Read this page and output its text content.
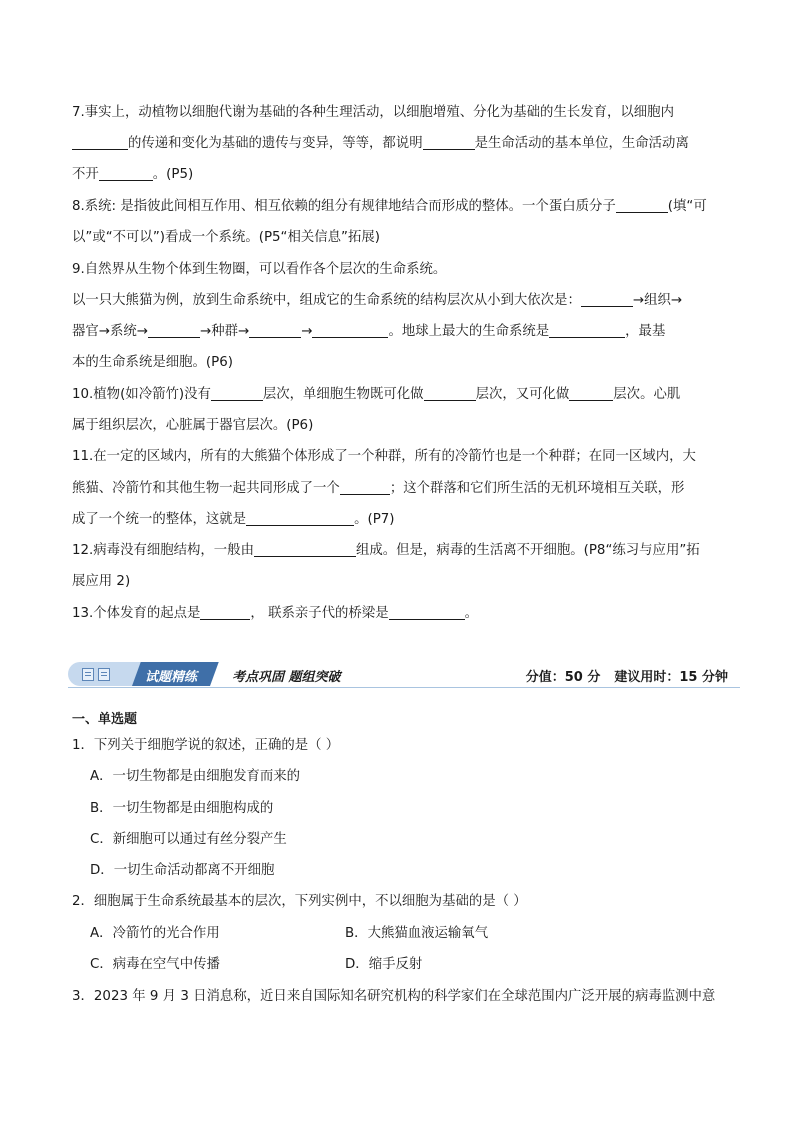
7.事实上，动植物以细胞代谢为基础的各种生理活动，以细胞增殖、分化为基础的生长发育，以细胞内
的传递和变化为基础的遗传与变异，等等，都说明	是生命活动的基本单位，生命活动离
不开	。(P5)
8.系统: 是指彼此间相互作用、相互依赖的组分有规律地结合而形成的整体。一个蛋白质分子	(填“可
以”或“不可以”)看成一个系统。(P5“相关信息”拓展)
9.自然界从生物个体到生物圈，可以看作各个层次的生命系统。
以一只大熊猫为例，放到生命系统中，组成它的生命系统的结构层次从小到大依次是：	→组织→
器官→系统→	→种群→	→	。地球上最大的生命系统是	，最基
本的生命系统是细胞。(P6)
10.植物(如冷箭竹)没有	层次，单细胞生物既可化做	层次，又可化做	层次。心肌
属于组织层次，心脏属于器官层次。(P6)
11.在一定的区域内，所有的大熊猫个体形成了一个种群，所有的冷箭竹也是一个种群；在同一区域内，大
熊猫、冷箭竹和其他生物一起共同形成了一个	；这个群落和它们所生活的无机环境相互关联，形
成了一个统一的整体，这就是	。(P7)
12.病毒没有细胞结构，一般由	组成。但是，病毒的生活离不开细胞。(P8“练习与应用”拓
展应用 2)
13.个体发育的起点是	， 联系亲子代的桥梁是	。
试题精练	考点巩固 题组突破	分值：50 分 建议用时：15 分钟
一、单选题
1．下列关于细胞学说的叙述，正确的是（ ）
A．一切生物都是由细胞发育而来的
B．一切生物都是由细胞构成的
C．新细胞可以通过有丝分裂产生
D．一切生命活动都离不开细胞
2．细胞属于生命系统最基本的层次，下列实例中，不以细胞为基础的是（ ）
A．冷箭竹的光合作用	B．大熊猫血液运输氧气
C．病毒在空气中传播	D．缩手反射
3．2023 年 9 月 3 日消息称，近日来自国际知名研究机构的科学家们在全球范围内广泛开展的病毒监测中意
